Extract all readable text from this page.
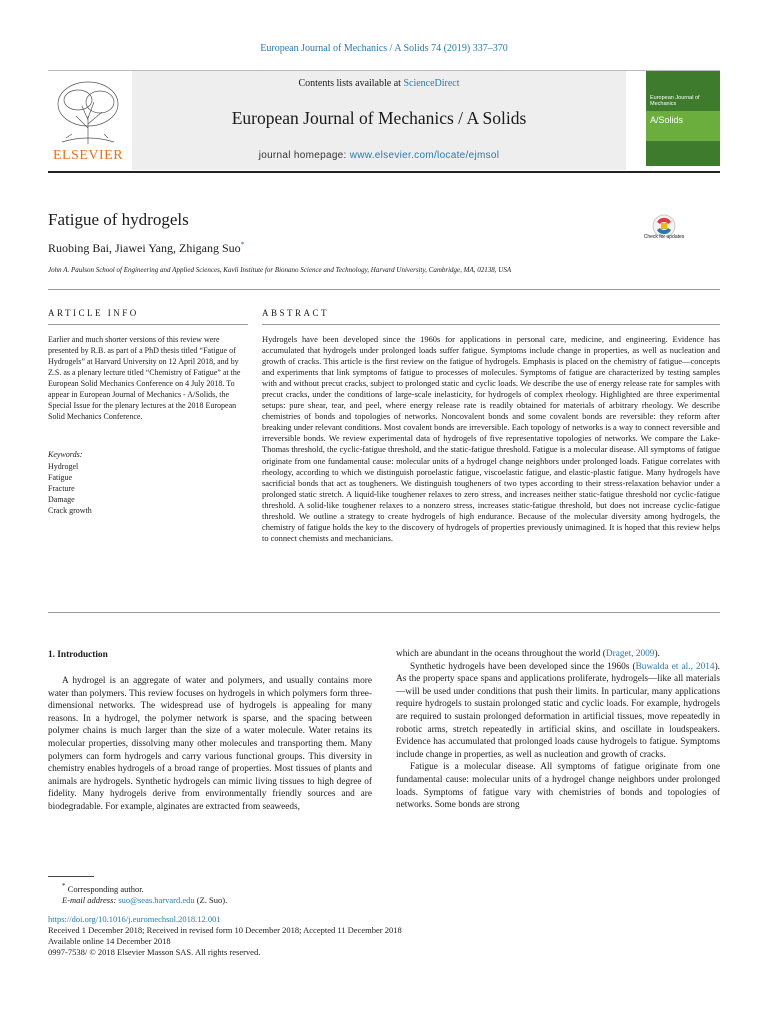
European Journal of Mechanics / A Solids 74 (2019) 337–370
ELSEVIER
Contents lists available at ScienceDirect
European Journal of Mechanics / A Solids
journal homepage: www.elsevier.com/locate/ejmsol
European Journal of
Mechanics
A/Solids
Fatigue of hydrogels
Ruobing Bai, Jiawei Yang, Zhigang Suo*
John A. Paulson School of Engineering and Applied Sciences, Kavli Institute for Bionano Science and Technology, Harvard University, Cambridge, MA, 02138, USA
Check for updates
ARTICLE INFO
Earlier and much shorter versions of this review were presented by R.B. as part of a PhD thesis titled “Fatigue of Hydrogels” at Harvard University on 12 April 2018, and by Z.S. as a plenary lecture titled “Chemistry of Fatigue” at the European Solid Mechanics Conference on 4 July 2018. To appear in European Journal of Mechanics - A/Solids, the Special Issue for the plenary lectures at the 2018 European Solid Mechanics Conference.
Keywords:
Hydrogel
Fatigue
Fracture
Damage
Crack growth
ABSTRACT
Hydrogels have been developed since the 1960s for applications in personal care, medicine, and engineering. Evidence has accumulated that hydrogels under prolonged loads suffer fatigue. Symptoms include change in properties, as well as nucleation and growth of cracks. This article is the first review on the fatigue of hydrogels. Emphasis is placed on the chemistry of fatigue—concepts and experiments that link symptoms of fatigue to processes of molecules. Symptoms of fatigue are characterized by testing samples with and without precut cracks, subject to prolonged static and cyclic loads. We describe the use of energy release rate for samples with precut cracks, under the conditions of large-scale inelasticity, for hydrogels of complex rheology. Highlighted are three experimental setups: pure shear, tear, and peel, where energy release rate is readily obtained for materials of arbitrary rheology. We describe chemistries of bonds and topologies of networks. Noncovalent bonds and some covalent bonds are reversible: they reform after breaking under relevant conditions. Most covalent bonds are irreversible. Each topology of networks is a way to connect reversible and irreversible bonds. We review experimental data of hydrogels of five representative topologies of networks. We compare the Lake-Thomas threshold, the cyclic-fatigue threshold, and the static-fatigue threshold. Fatigue is a molecular disease. All symptoms of fatigue originate from one fundamental cause: molecular units of a hydrogel change neighbors under prolonged loads. Fatigue correlates with rheology, according to which we distinguish poroelastic fatigue, viscoelastic fatigue, and elastic-plastic fatigue. Many hydrogels have sacrificial bonds that act as tougheners. We distinguish tougheners of two types according to their stress-relaxation behavior under a prolonged static stretch. A liquid-like toughener relaxes to zero stress, and increases neither static-fatigue threshold nor cyclic-fatigue threshold. A solid-like toughener relaxes to a nonzero stress, increases static-fatigue threshold, but does not increase cyclic-fatigue threshold. We outline a strategy to create hydrogels of high endurance. Because of the molecular diversity among hydrogels, the chemistry of fatigue holds the key to the discovery of hydrogels of properties previously unimagined. It is hoped that this review helps to connect chemists and mechanicians.
1. Introduction

A hydrogel is an aggregate of water and polymers, and usually contains more water than polymers. This review focuses on hydrogels in which polymers form three-dimensional networks. The widespread use of hydrogels is appealing for many reasons. In a hydrogel, the polymer network is sparse, and the spacing between polymer chains is much larger than the size of a water molecule. Water retains its molecular properties, dissolving many other molecules and transporting them. Many polymers can form hydrogels and carry various functional groups. This diversity in chemistry enables hydrogels of a broad range of properties. Most tissues of plants and animals are hydrogels. Synthetic hydrogels can mimic living tissues to high degree of fidelity. Many hydrogels derive from environmentally friendly sources and are biodegradable. For example, alginates are extracted from seaweeds,

which are abundant in the oceans throughout the world (Draget, 2009).

Synthetic hydrogels have been developed since the 1960s (Buwalda et al., 2014). As the property space spans and applications proliferate, hydrogels—like all materials—will be used under conditions that push their limits. In particular, many applications require hydrogels to sustain prolonged static and cyclic loads. For example, hydrogels are required to sustain prolonged deformation in artificial tissues, move repeatedly in robotic arms, stretch repeatedly in artificial skins, and oscillate in loudspeakers. Evidence has accumulated that prolonged loads cause hydrogels to fatigue. Symptoms include change in properties, as well as nucleation and growth of cracks.

Fatigue is a molecular disease. All symptoms of fatigue originate from one fundamental cause: molecular units of a hydrogel change neighbors under prolonged loads. Symptoms of fatigue vary with chemistries of bonds and topologies of networks. Some bonds are strong

* Corresponding author.
E-mail address: suo@seas.harvard.edu (Z. Suo).
https://doi.org/10.1016/j.euromechsol.2018.12.001
Received 1 December 2018; Received in revised form 10 December 2018; Accepted 11 December 2018
Available online 14 December 2018
0997-7538/ © 2018 Elsevier Masson SAS. All rights reserved.
